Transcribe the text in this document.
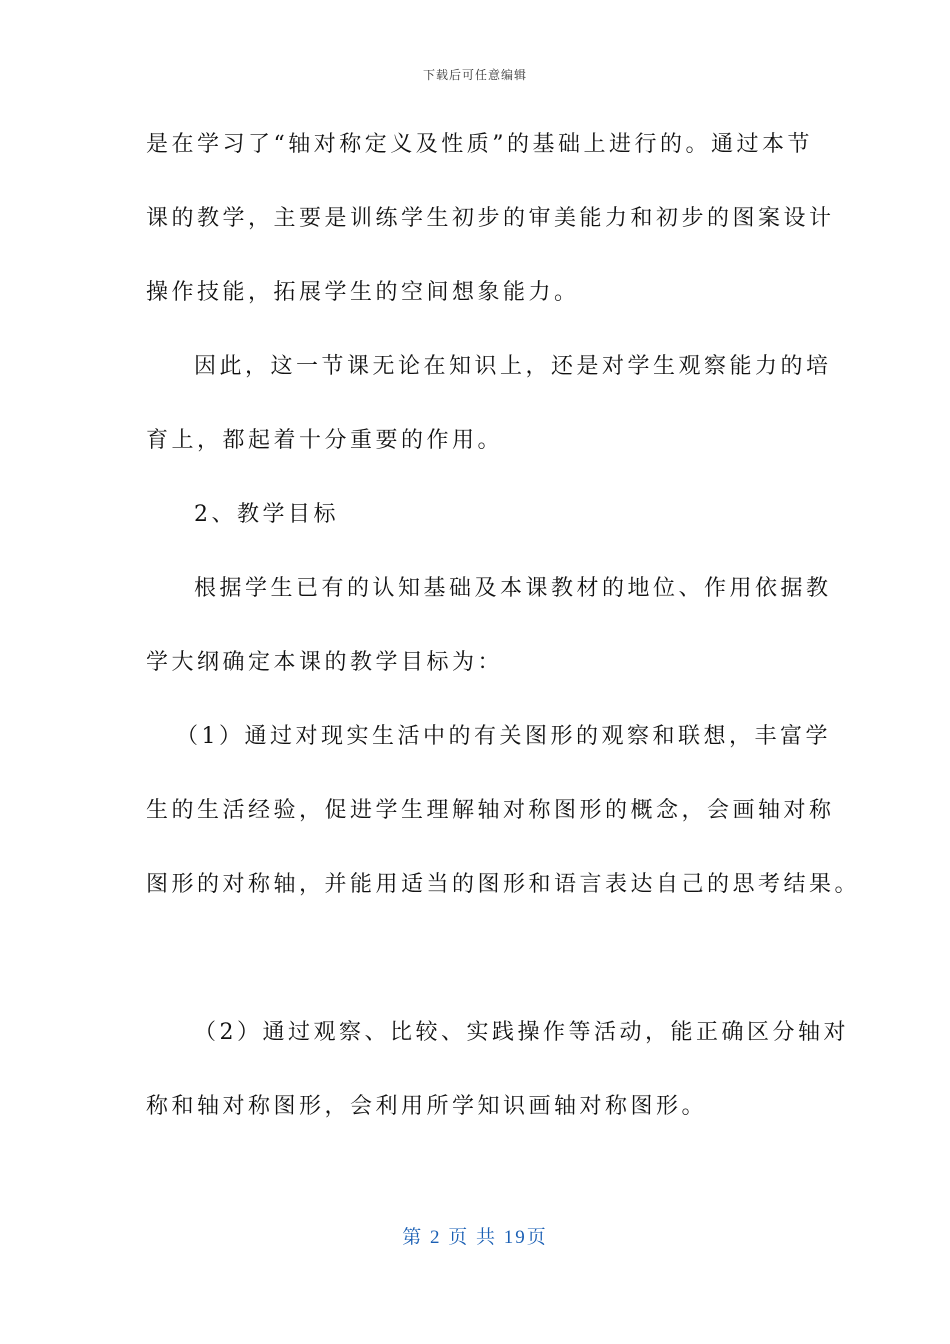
下载后可任意编辑
是在学习了“轴对称定义及性质”的基础上进行的。通过本节
课的教学，主要是训练学生初步的审美能力和初步的图案设计
操作技能，拓展学生的空间想象能力。
因此，这一节课无论在知识上，还是对学生观察能力的培
育上，都起着十分重要的作用。
2、教学目标
根据学生已有的认知基础及本课教材的地位、作用依据教
学大纲确定本课的教学目标为：
（1）通过对现实生活中的有关图形的观察和联想，丰富学
生的生活经验，促进学生理解轴对称图形的概念，会画轴对称
图形的对称轴，并能用适当的图形和语言表达自己的思考结果。
（2）通过观察、比较、实践操作等活动，能正确区分轴对
称和轴对称图形，会利用所学知识画轴对称图形。
第 2 页 共 19页
